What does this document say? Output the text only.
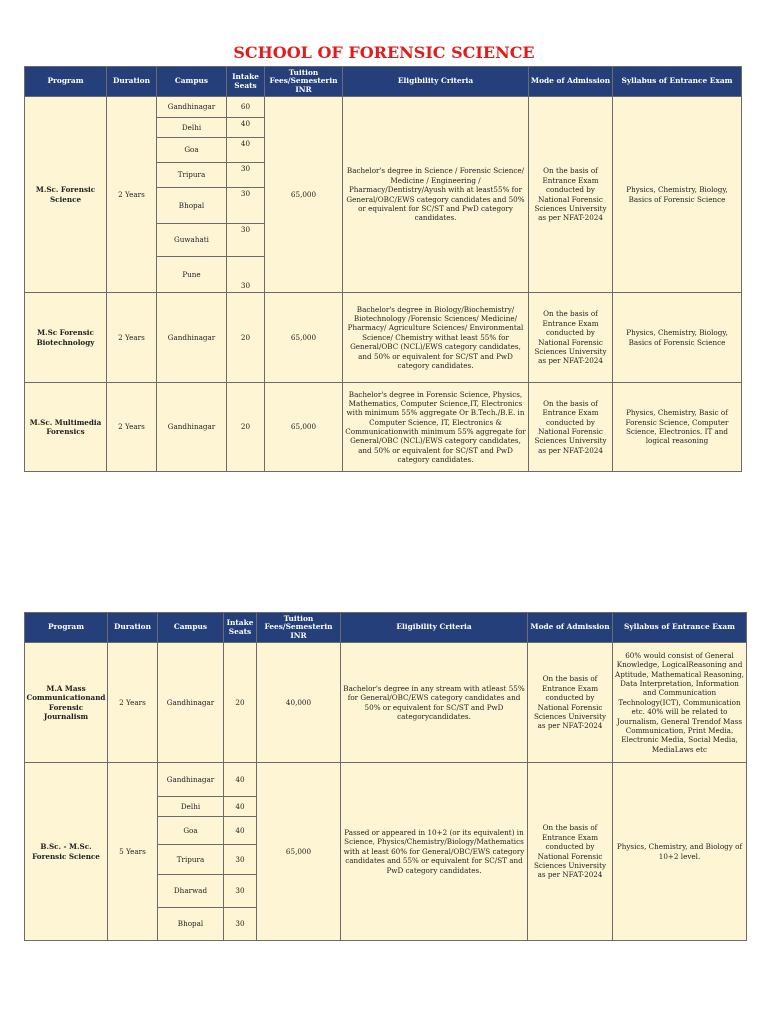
SCHOOL OF FORENSIC SCIENCE
Program	Duration	Campus	Intake Seats	Tuition Fees/Semesterin INR	Eligibility Criteria	Mode of Admission	Syllabus of Entrance Exam
M.Sc. Forensic Science	2 Years	Gandhinagar	60	65,000	Bachelor's degree in Science / Forensic Science/ Medicine / Engineering / Pharmacy/Dentistry/Ayush with at least55% for General/OBC/EWS category candidates and 50% or equivalent for SC/ST and PwD category candidates.	On the basis of Entrance Exam conducted by National Forensic Sciences University as per NFAT-2024	Physics, Chemistry, Biology, Basics of Forensic Science
		Delhi	40				
		Goa	40				
		Tripura	30				
		Bhopal	30				
		Guwahati	30				
		Pune	30				
M.Sc Forensic Biotechnology	2 Years	Gandhinagar	20	65,000	Bachelor's degree in Biology/Biochemistry/ Biotechnology /Forensic Sciences/ Medicine/ Pharmacy/ Agriculture Sciences/ Environmental Science/ Chemistry withat least 55% for General/OBC (NCL)/EWS category candidates, and 50% or equivalent for SC/ST and PwD category candidates.	On the basis of Entrance Exam conducted by National Forensic Sciences University as per NFAT-2024	Physics, Chemistry, Biology, Basics of Forensic Science
M.Sc. Multimedia Forensics	2 Years	Gandhinagar	20	65,000	Bachelor's degree in Forensic Science, Physics, Mathematics, Computer Science,IT, Electronics with minimum 55% aggregate Or B.Tech./B.E. in Computer Science, IT, Electronics & Communicationwith minimum 55% aggregate for General/OBC (NCL)/EWS category candidates, and 50% or equivalent for SC/ST and PwD category candidates.	On the basis of Entrance Exam conducted by National Forensic Sciences University as per NFAT-2024	Physics, Chemistry, Basic of Forensic Science, Computer Science, Electronics. IT and logical reasoning
Program	Duration	Campus	Intake Seats	Tuition Fees/Semesterin INR	Eligibility Criteria	Mode of Admission	Syllabus of Entrance Exam
M.A Mass Communicationand Forensic Journalism	2 Years	Gandhinagar	20	40,000	Bachelor's degree in any stream with atleast 55% for General/OBC/EWS category candidates and 50% or equivalent for SC/ST and PwD categorycandidates.	On the basis of Entrance Exam conducted by National Forensic Sciences University as per NFAT-2024	60% would consist of General Knowledge, LogicalReasoning and Aptitude, Mathematical Reasoning, Data Interpretation, Information and Communication Technology(ICT), Communication etc. 40% will be related to Journalism, General Trendof Mass Communication, Print Media, Electronic Media, Social Media, MediaLaws etc
B.Sc. - M.Sc. Forensic Science	5 Years	Gandhinagar	40	65,000	Passed or appeared in 10+2 (or its equivalent) in Science, Physics/Chemistry/Biology/Mathematics with at least 60% for General/OBC/EWS category candidates and 55% or equivalent for SC/ST and PwD category candidates.	On the basis of Entrance Exam conducted by National Forensic Sciences University as per NFAT-2024	Physics, Chemistry, and Biology of 10+2 level.
		Delhi	40				
		Goa	40				
		Tripura	30				
		Dharwad	30				
		Bhopal	30				
